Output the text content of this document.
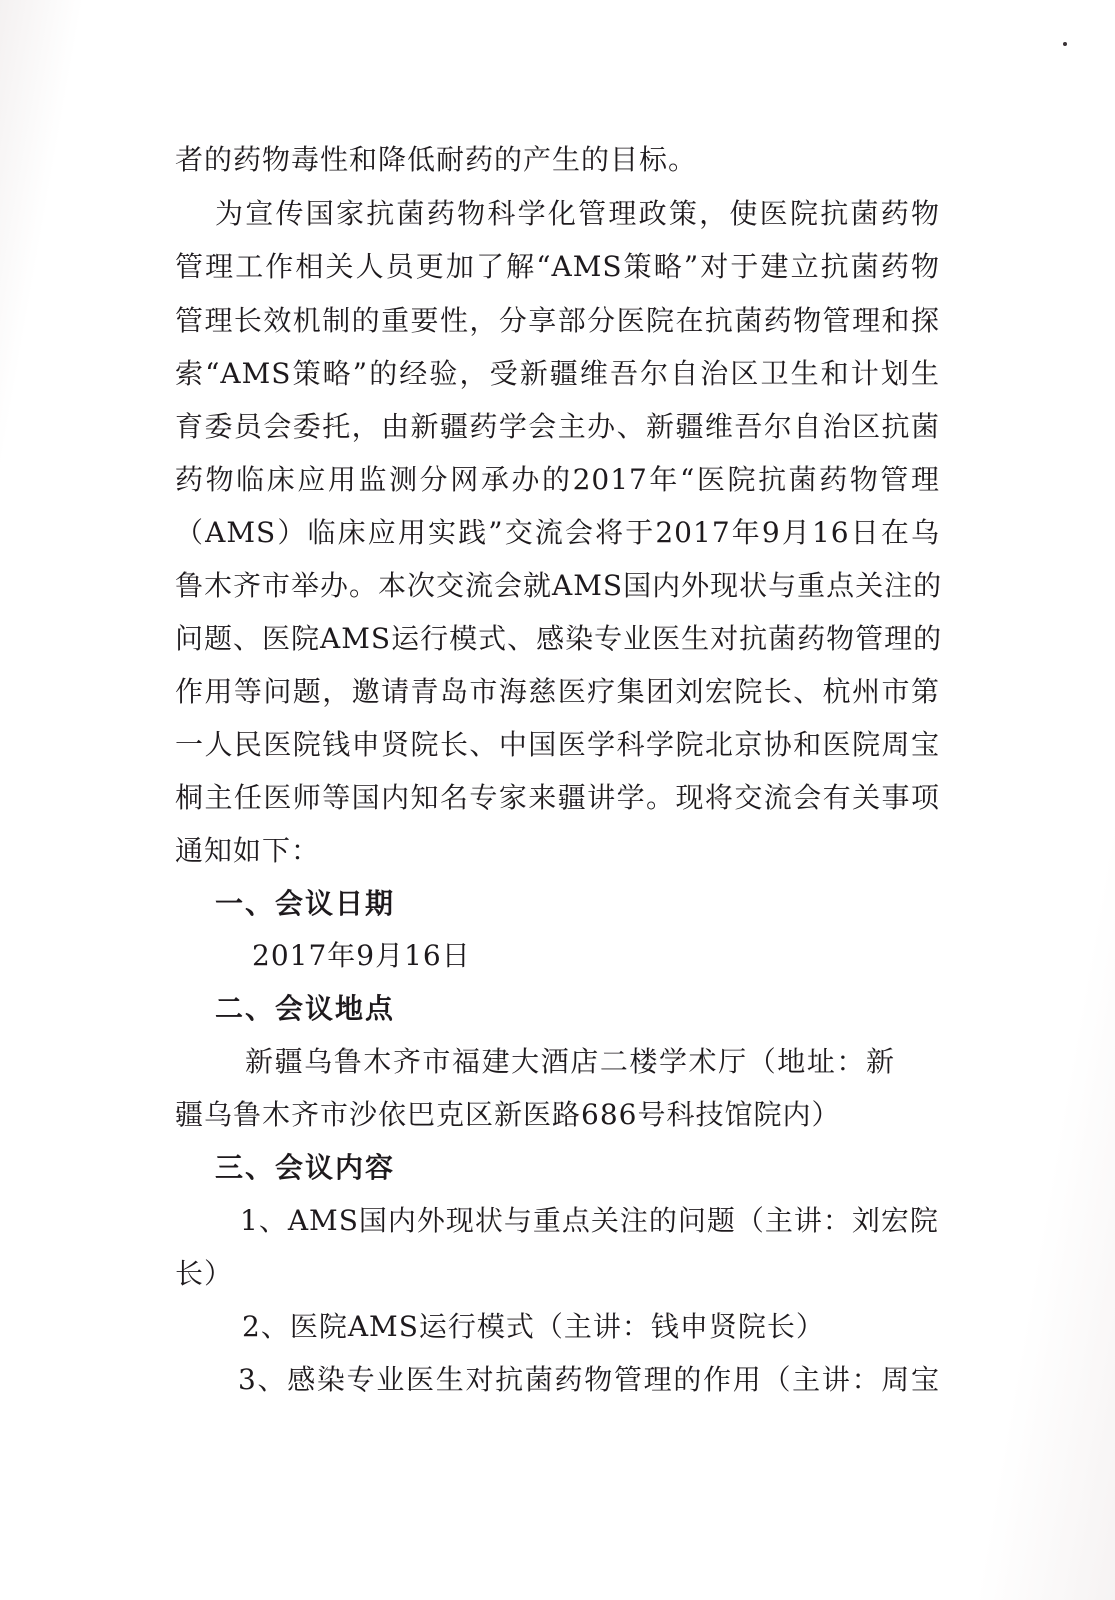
者的药物毒性和降低耐药的产生的目标。
为宣传国家抗菌药物科学化管理政策，使医院抗菌药物
管理工作相关人员更加了解“AMS策略”对于建立抗菌药物
管理长效机制的重要性，分享部分医院在抗菌药物管理和探
索“AMS策略”的经验，受新疆维吾尔自治区卫生和计划生
育委员会委托，由新疆药学会主办、新疆维吾尔自治区抗菌
药物临床应用监测分网承办的2017年“医院抗菌药物管理
（AMS）临床应用实践”交流会将于2017年9月16日在乌
鲁木齐市举办。本次交流会就AMS国内外现状与重点关注的
问题、医院AMS运行模式、感染专业医生对抗菌药物管理的
作用等问题，邀请青岛市海慈医疗集团刘宏院长、杭州市第
一人民医院钱申贤院长、中国医学科学院北京协和医院周宝
桐主任医师等国内知名专家来疆讲学。现将交流会有关事项
通知如下：
一、会议日期
2017年9月16日
二、会议地点
新疆乌鲁木齐市福建大酒店二楼学术厅（地址：新
疆乌鲁木齐市沙依巴克区新医路686号科技馆院内）
三、会议内容
1、AMS国内外现状与重点关注的问题（主讲：刘宏院
长）
2、医院AMS运行模式（主讲：钱申贤院长）
3、感染专业医生对抗菌药物管理的作用（主讲：周宝
